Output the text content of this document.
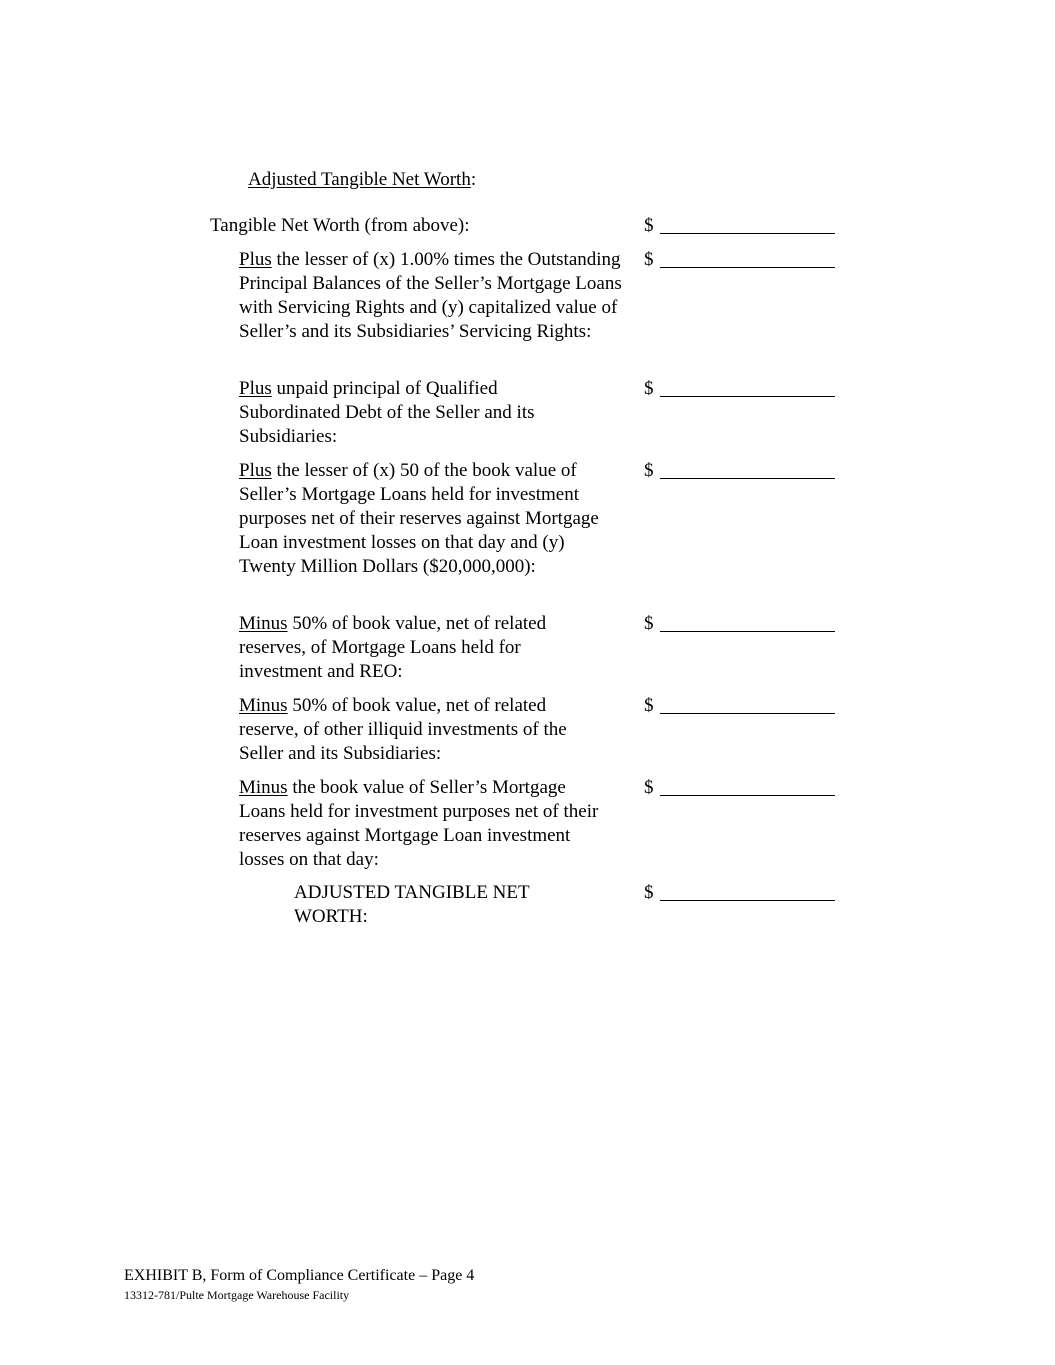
Adjusted Tangible Net Worth:
Tangible Net Worth (from above):	$
Plus the lesser of (x) 1.00% times the Outstanding Principal Balances of the Seller’s Mortgage Loans with Servicing Rights and (y) capitalized value of Seller’s and its Subsidiaries’ Servicing Rights:
$
Plus unpaid principal of Qualified Subordinated Debt of the Seller and its Subsidiaries:
$
Plus the lesser of (x) 50 of the book value of Seller’s Mortgage Loans held for investment purposes net of their reserves against Mortgage Loan investment losses on that day and (y) Twenty Million Dollars ($20,000,000):
$
Minus 50% of book value, net of related reserves, of Mortgage Loans held for investment and REO:
$
Minus 50% of book value, net of related reserve, of other illiquid investments of the Seller and its Subsidiaries:
$
Minus the book value of Seller’s Mortgage Loans held for investment purposes net of their reserves against Mortgage Loan investment losses on that day:
$
ADJUSTED TANGIBLE NET WORTH:
$
EXHIBIT B, Form of Compliance Certificate – Page 4
13312-781/Pulte Mortgage Warehouse Facility
